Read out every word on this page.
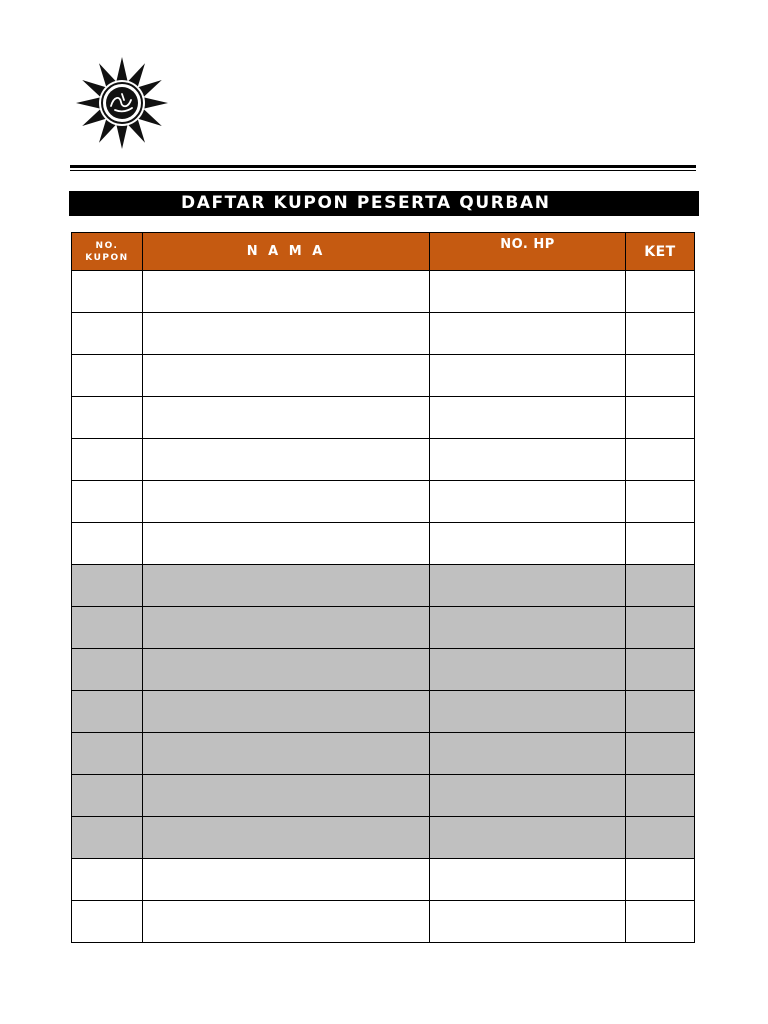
DAFTAR KUPON PESERTA QURBAN
NO.
KUPON	N A M A	NO. HP	KET
